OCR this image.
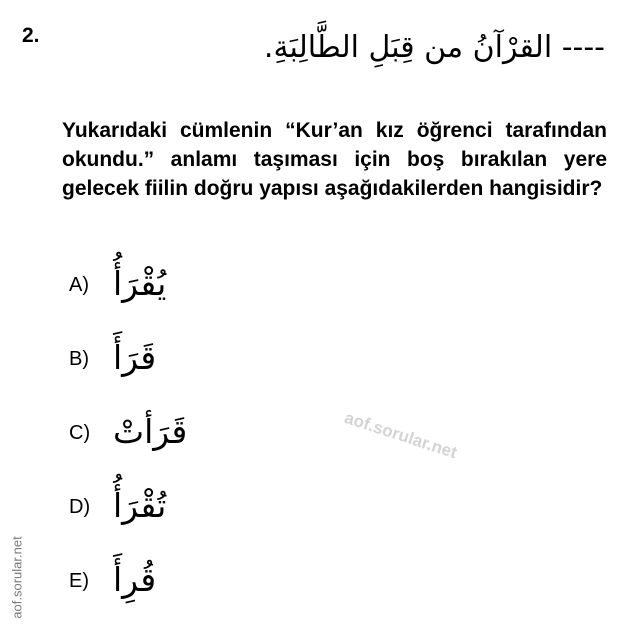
2.	---- القرْآنُ من قِبَلِ الطَّالِبَةِ.
Yukarıdaki cümlenin “Kur’an kız öğrenci tarafından okundu.” anlamı taşıması için boş bırakılan yere gelecek fiilin doğru yapısı aşağıdakilerden hangisidir?
A) يُقْرَأُ
B) قَرَأَ
C) قَرَأتْ
D) تُقْرَأُ
E) قُرِأَ
aof.sorular.net
aof.sorular.net
